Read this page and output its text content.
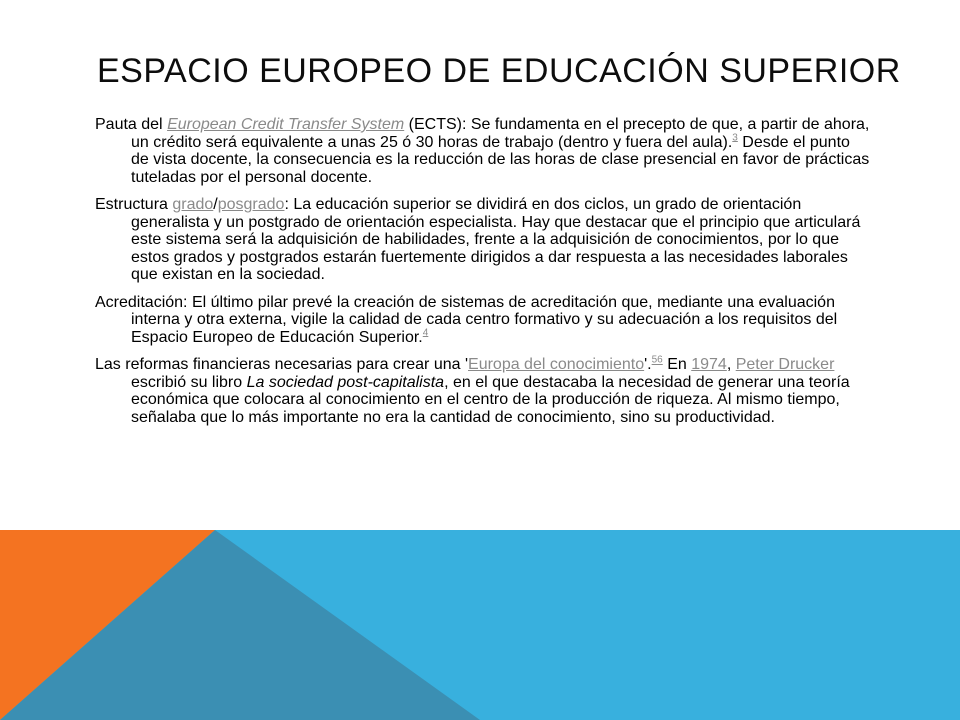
ESPACIO EUROPEO DE EDUCACIÓN SUPERIOR

Pauta del European Credit Transfer System (ECTS): Se fundamenta en el precepto de que, a partir de ahora, un crédito será equivalente a unas 25 ó 30 horas de trabajo (dentro y fuera del aula).$^3$ Desde el punto de vista docente, la consecuencia es la reducción de las horas de clase presencial en favor de prácticas tuteladas por el personal docente.

Estructura grado/posgrado: La educación superior se dividirá en dos ciclos, un grado de orientación generalista y un postgrado de orientación especialista. Hay que destacar que el principio que articulará este sistema será la adquisición de habilidades, frente a la adquisición de conocimientos, por lo que estos grados y postgrados estarán fuertemente dirigidos a dar respuesta a las necesidades laborales que existan en la sociedad.

Acreditación: El último pilar prevé la creación de sistemas de acreditación que, mediante una evaluación interna y otra externa, vigile la calidad de cada centro formativo y su adecuación a los requisitos del Espacio Europeo de Educación Superior.$^4$

Las reformas financieras necesarias para crear una 'Europa del conocimiento'.$^{56}$ En 1974, Peter Drucker escribió su libro La sociedad post-capitalista, en el que destacaba la necesidad de generar una teoría económica que colocara al conocimiento en el centro de la producción de riqueza. Al mismo tiempo, señalaba que lo más importante no era la cantidad de conocimiento, sino su productividad.
